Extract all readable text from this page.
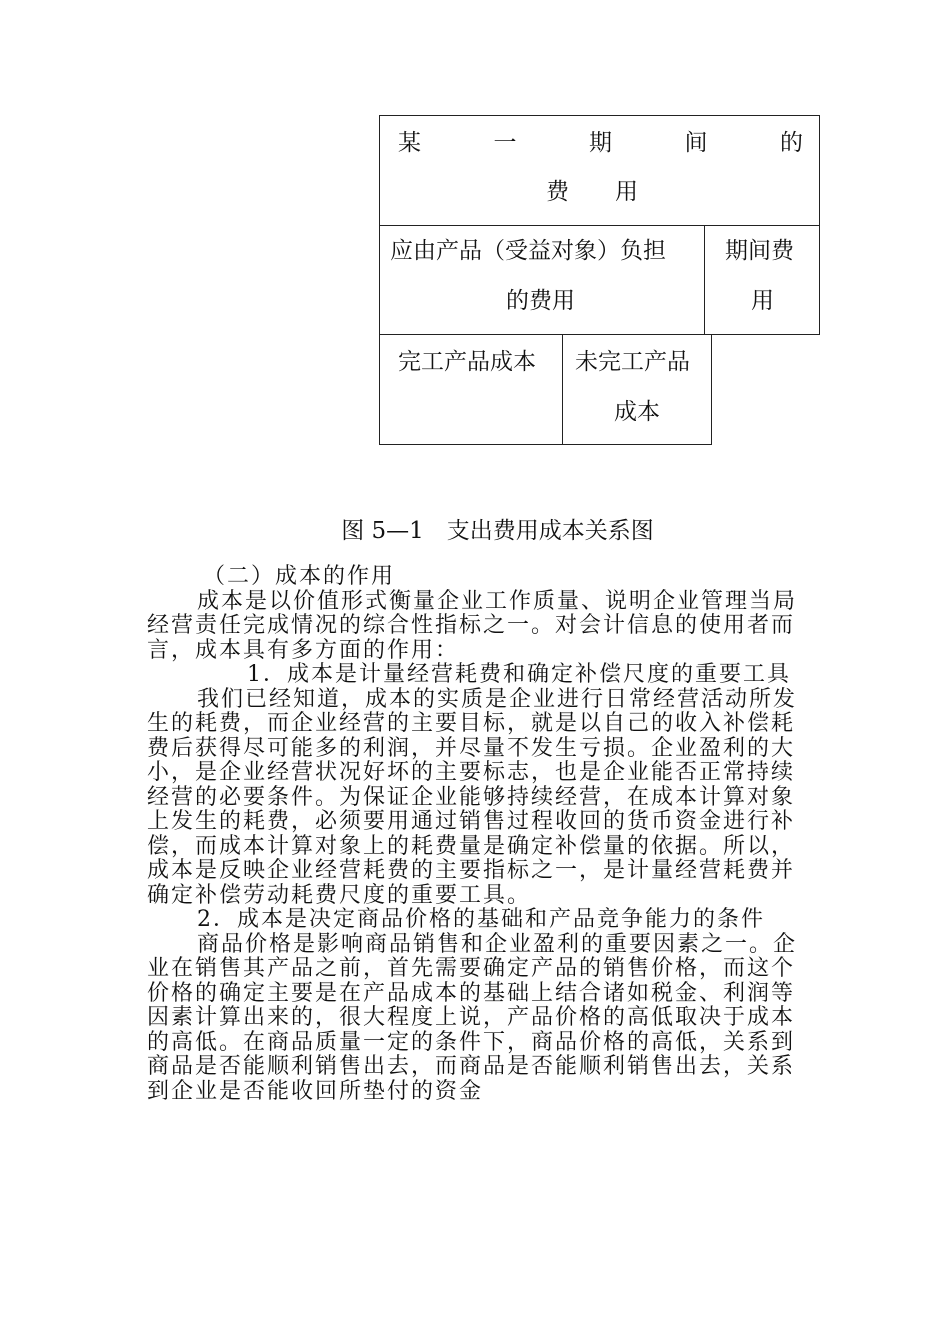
某	一	期	间	的
费　　用
应由产品（受益对象）负担
的费用
期间费
用
完工产品成本 未完工产品
成本
图 5—1　支出费用成本关系图

（二）成本的作用

成本是以价值形式衡量企业工作质量、说明企业管理当局经营责任完成情况的综合性指标之一。对会计信息的使用者而言，成本具有多方面的作用：

1．成本是计量经营耗费和确定补偿尺度的重要工具

我们已经知道，成本的实质是企业进行日常经营活动所发生的耗费，而企业经营的主要目标，就是以自己的收入补偿耗费后获得尽可能多的利润，并尽量不发生亏损。企业盈利的大小，是企业经营状况好坏的主要标志，也是企业能否正常持续经营的必要条件。为保证企业能够持续经营，在成本计算对象上发生的耗费，必须要用通过销售过程收回的货币资金进行补偿，而成本计算对象上的耗费量是确定补偿量的依据。所以，成本是反映企业经营耗费的主要指标之一，是计量经营耗费并确定补偿劳动耗费尺度的重要工具。

2．成本是决定商品价格的基础和产品竞争能力的条件

商品价格是影响商品销售和企业盈利的重要因素之一。企业在销售其产品之前，首先需要确定产品的销售价格，而这个价格的确定主要是在产品成本的基础上结合诸如税金、利润等因素计算出来的，很大程度上说，产品价格的高低取决于成本的高低。在商品质量一定的条件下，商品价格的高低，关系到商品是否能顺利销售出去，而商品是否能顺利销售出去，关系到企业是否能收回所垫付的资金
